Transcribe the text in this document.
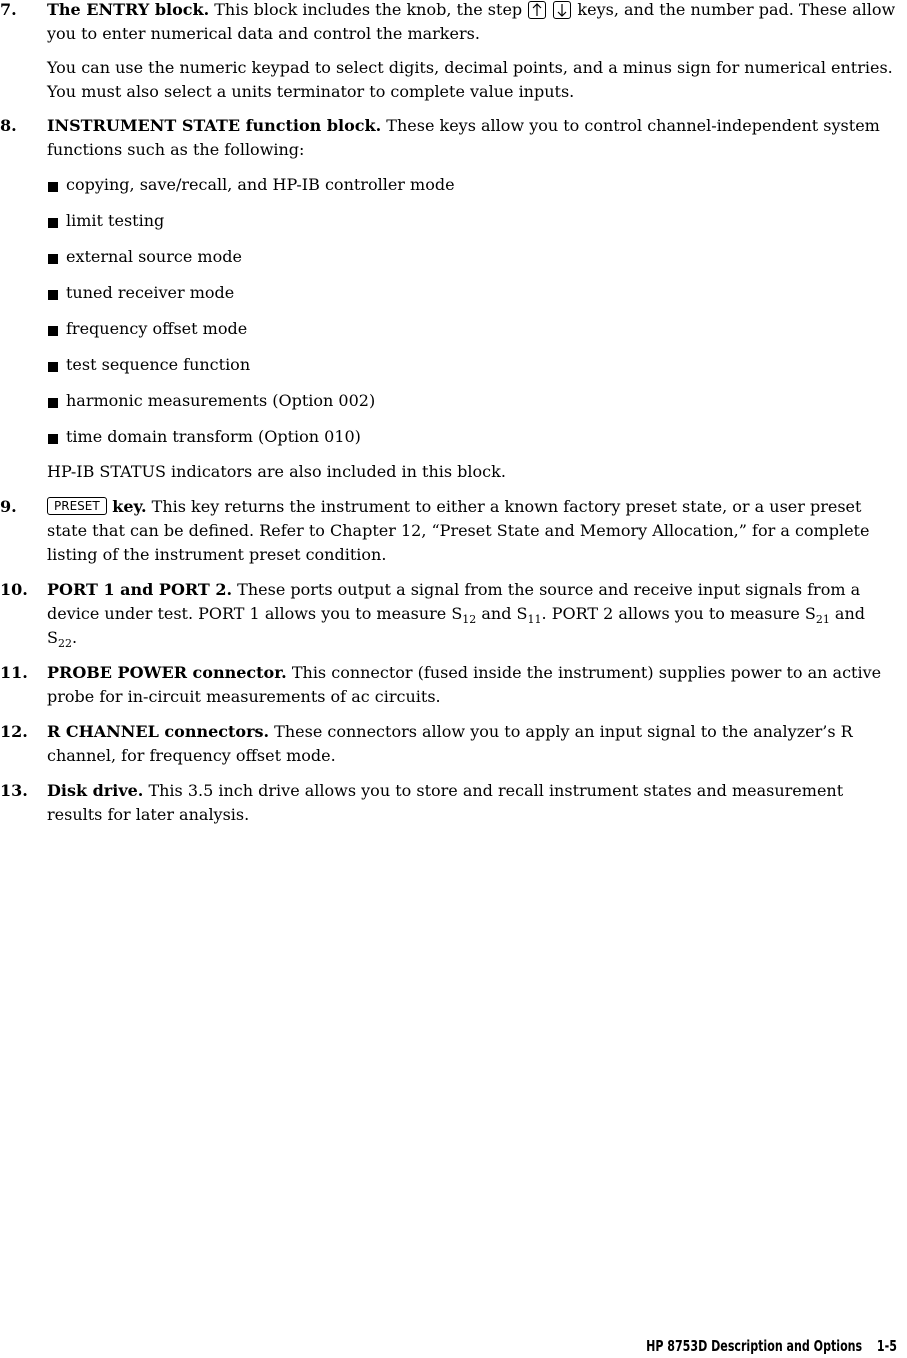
7. The ENTRY block. This block includes the knob, the step
	keys, and the number pad. These allow you to enter numerical data and control the markers.

You can use the numeric keypad to select digits, decimal points, and a minus sign for numerical entries. You must also select a units terminator to complete value inputs.

8. INSTRUMENT STATE function block. These keys allow you to control channel-independent system functions such as the following:

copying, save/recall, and HP-IB controller mode
limit testing
external source mode
tuned receiver mode
frequency offset mode
test sequence function
harmonic measurements (Option 002)
time domain transform (Option 010)

HP-IB STATUS indicators are also included in this block.

9.	PRESET key. This key returns the instrument to either a known factory preset state, or a user preset state that can be defined. Refer to Chapter 12, “Preset State and Memory Allocation,” for a complete listing of the instrument preset condition.

10. PORT 1 and PORT 2. These ports output a signal from the source and receive input signals from a device under test. PORT 1 allows you to measure $S_{12}$ and $S_{11}$. PORT 2 allows you to measure $S_{21}$ and $S_{22}$.

11. PROBE POWER connector. This connector (fused inside the instrument) supplies power to an active probe for in-circuit measurements of ac circuits.

12. R CHANNEL connectors. These connectors allow you to apply an input signal to the analyzer’s R channel, for frequency offset mode.

13. Disk drive. This 3.5 inch drive allows you to store and recall instrument states and measurement results for later analysis.

HP 8753D Description and Options 1-5
